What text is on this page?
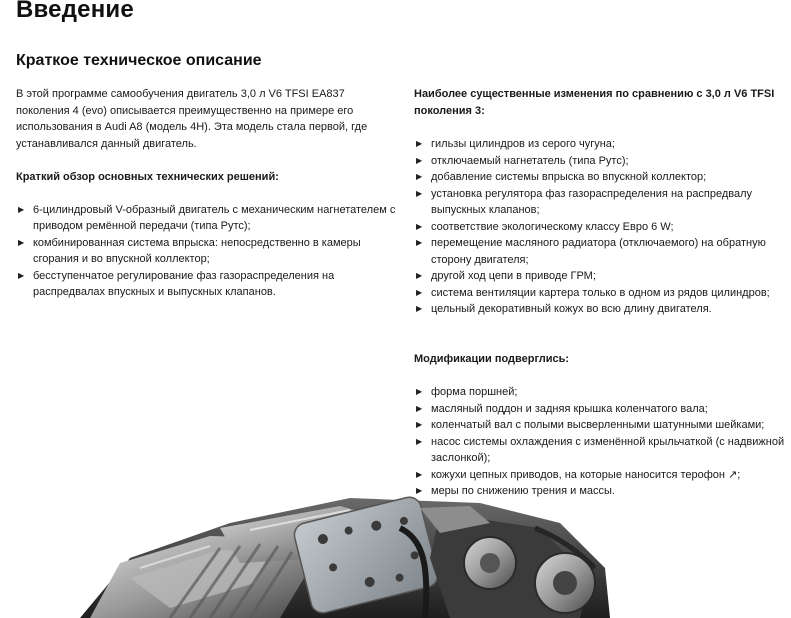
Введение
Краткое техническое описание

В этой программе самообучения двигатель 3,0 л V6 TFSI EA837 поколения 4 (evo) описывается преимущественно на примере его использования в Audi A8 (модель 4H). Эта модель стала первой, где устанавливался данный двигатель.

Краткий обзор основных технических решений:

▶ 6-цилиндровый V-образный двигатель с механическим нагнетателем с приводом ремённой передачи (типа Рутс);
▶ комбинированная система впрыска: непосредственно в камеры сгорания и во впускной коллектор;
▶ бесступенчатое регулирование фаз газораспределения на распредвалах впускных и выпускных клапанов.

Наиболее существенные изменения по сравнению с 3,0 л V6 TFSI поколения 3:

▶ гильзы цилиндров из серого чугуна;
▶ отключаемый нагнетатель (типа Рутс);
▶ добавление системы впрыска во впускной коллектор;
▶ установка регулятора фаз газораспределения на распредвалу выпускных клапанов;
▶ соответствие экологическому классу Евро 6 W;
▶ перемещение масляного радиатора (отключаемого) на обратную сторону двигателя;
▶ другой ход цепи в приводе ГРМ;
▶ система вентиляции картера только в одном из рядов цилиндров;
▶ цельный декоративный кожух во всю длину двигателя.

Модификации подверглись:

▶ форма поршней;
▶ масляный поддон и задняя крышка коленчатого вала;
▶ коленчатый вал с полыми высверленными шатунными шейками;
▶ насос системы охлаждения с изменённой крыльчаткой (с надвижной заслонкой);
▶ кожухи цепных приводов, на которые наносится терофон ↗;
▶ меры по снижению трения и массы.
